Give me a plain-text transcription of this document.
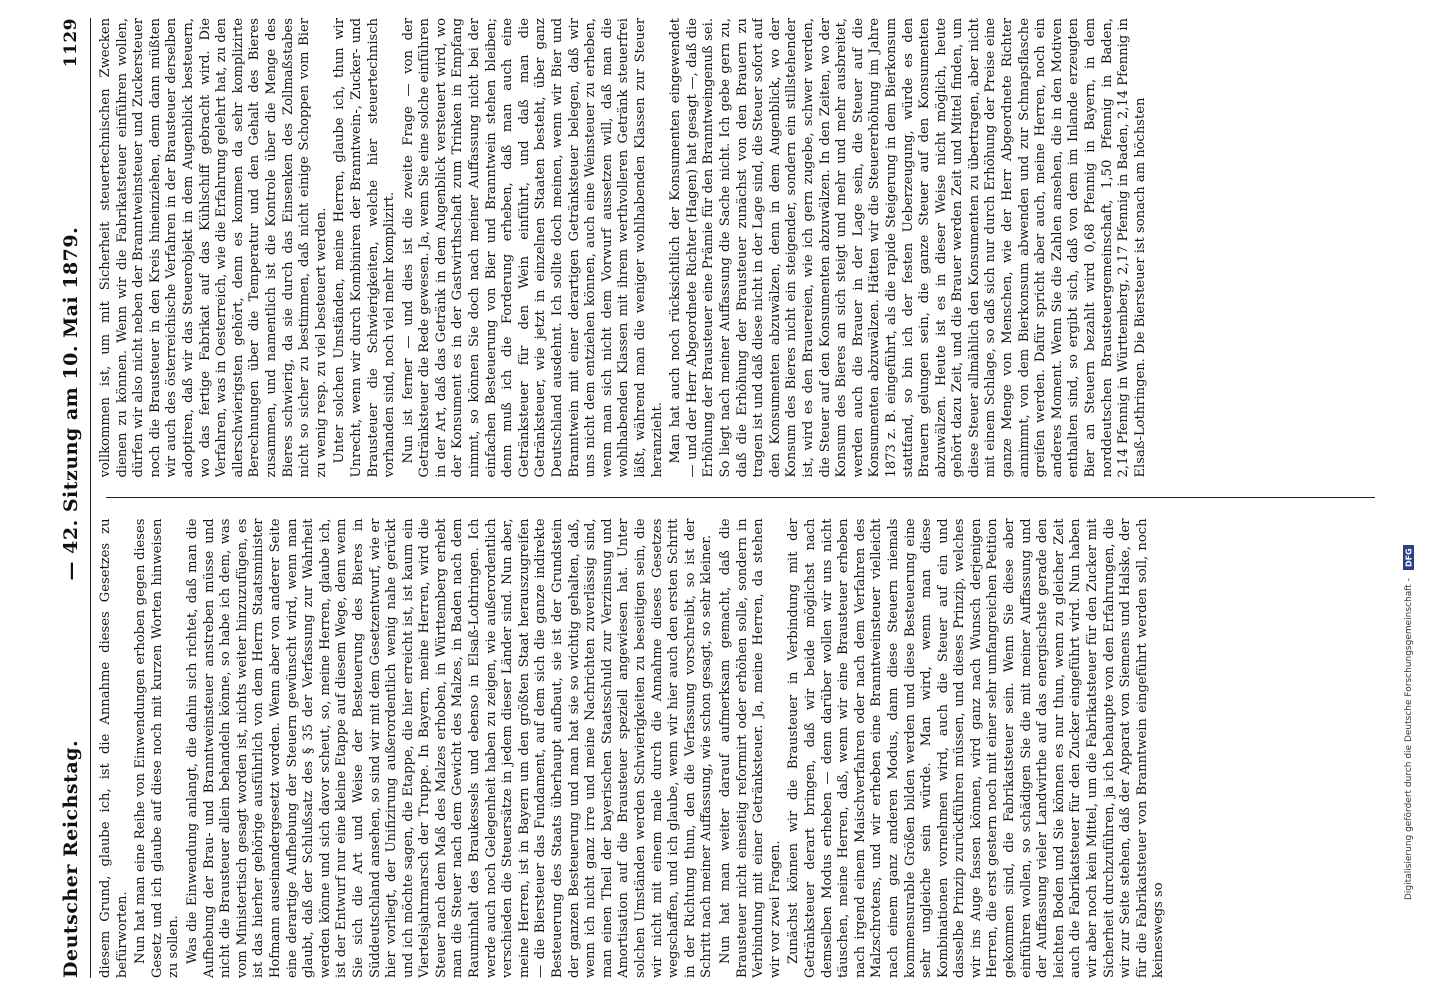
Deutscher Reichstag.
— 42. Sitzung am 10. Mai 1879.
1129

diesem Grund, glaube ich, ist die Annahme dieses Gesetzes zu befürworten. Nun hat man eine Reihe von Einwendungen erhoben gegen dieses Gesetz und ich glaube auf diese noch mit kurzen Worten hinweisen zu sollen. Was die Einwendung anlangt, die dahin sich richtet, daß man die Aufhebung der Brau- und Branntweinsteuer anstreben müsse und nicht die Brausteuer allein behandeln könne, so habe ich dem, was vom Ministertisch gesagt worden ist, nichts weiter hinzuzufügen, es ist das hierher gehörige ausführlich von dem Herrn Staatsminister Hofmann auseinandergesetzt worden. Wenn aber von anderer Seite eine derartige Aufhebung der Steuern gewünscht wird, wenn man glaubt, daß der Schlußsatz des § 35 der Verfassung zur Wahrheit werden könne und sich davor scheut, so, meine Herren, glaube ich, ist der Entwurf nur eine kleine Etappe auf diesem Wege, denn wenn Sie sich die Art und Weise der Besteuerung des Bieres in Süddeutschland ansehen, so sind wir mit dem Gesetzentwurf, wie er hier vorliegt, der Unifizirung außerordentlich wenig nahe gerückt und ich möchte sagen, die Etappe, die hier erreicht ist, ist kaum ein Viertelsjahrmarsch der Truppe. In Bayern, meine Herren, wird die Steuer nach dem Maß des Malzes erhoben, in Württemberg erhebt man die Steuer nach dem Gewicht des Malzes, in Baden nach dem Rauminhalt des Braukessels und ebenso in Elsaß-Lothringen. Ich werde auch noch Gelegenheit haben zu zeigen, wie außerordentlich verschieden die Steuersätze in jedem dieser Länder sind. Nun aber, meine Herren, ist in Bayern um den größten Staat herauszugreifen — die Biersteuer das Fundament, auf dem sich die ganze indirekte Besteuerung des Staats überhaupt aufbaut, sie ist der Grundstein der ganzen Besteuerung und man hat sie so wichtig gehalten, daß, wenn ich nicht ganz irre und meine Nachrichten zuverlässig sind, man einen Theil der bayerischen Staatsschuld zur Verzinsung und Amortisation auf die Brausteuer speziell angewiesen hat. Unter solchen Umständen werden Schwierigkeiten zu beseitigen sein, die wir nicht mit einem male durch die Annahme dieses Gesetzes wegschaffen, und ich glaube, wenn wir hier auch den ersten Schritt in der Richtung thun, den die Verfassung vorschreibt, so ist der Schritt nach meiner Auffassung, wie schon gesagt, so sehr kleiner. Nun hat man weiter darauf aufmerksam gemacht, daß die Brausteuer nicht einseitig reformirt oder erhöhen solle, sondern in Verbindung mit einer Getränksteuer. Ja, meine Herren, da stehen wir vor zwei Fragen. Zunächst können wir die Brausteuer in Verbindung mit der Getränksteuer derart bringen, daß wir beide möglichst nach demselben Modus erheben — denn darüber wollen wir uns nicht täuschen, meine Herren, daß, wenn wir eine Brausteuer erheben nach irgend einem Maischverfahren oder nach dem Verfahren des Malzschrotens, und wir erheben eine Branntweinsteuer vielleicht nach einem ganz anderen Modus, dann diese Steuern niemals kommensurable Größen bilden werden und diese Besteuerung eine sehr ungleiche sein würde. Man wird, wenn man diese Kombinationen vornehmen wird, auch die Steuer auf ein und dasselbe Prinzip zurückführen müssen, und dieses Prinzip, welches wir ins Auge fassen können, wird ganz nach Wunsch derjenigen Herren, die erst gestern noch mit einer sehr umfangreichen Petition gekommen sind, die Fabrikatsteuer sein. Wenn Sie diese aber einführen wollen, so schädigen Sie die mit meiner Auffassung und der Auffassung vieler Landwirthe auf das energischste gerade den leichten Boden und Sie können es nur thun, wenn zu gleicher Zeit auch die Fabrikatsteuer für den Zucker eingeführt wird. Nun haben wir aber noch kein Mittel, um die Fabrikatsteuer für den Zucker mit Sicherheit durchzuführen, ja ich behaupte von den Erfahrungen, die wir zur Seite stehen, daß der Apparat von Siemens und Halske, der für die Fabrikatsteuer von Branntwein eingeführt werden soll, noch keineswegs so

vollkommen ist, um mit Sicherheit steuertechnischen Zwecken dienen zu können. Wenn wir die Fabrikatsteuer einführen wollen, dürfen wir also nicht neben der Branntweinsteuer und Zuckersteuer noch die Brausteuer in den Kreis hineinziehen, denn dann müßten wir auch des österreichische Verfahren in der Brausteuer derselben adoptiren, daß wir das Steuerobjekt in dem Augenblick besteuern, wo das fertige Fabrikat auf das Kühlschiff gebracht wird. Die Verfahren, was in Oesterreich, wie die Erfahrung gelehrt hat, zu den allerschwierigsten gehört, denn es kommen da sehr komplizirte Berechnungen über die Temperatur und den Gehalt des Bieres zusammen, und namentlich ist die Kontrole über die Menge des Bieres schwierig, da sie durch das Einsenken des Zollmaßstabes nicht so sicher zu bestimmen, daß nicht einige Schoppen vom Bier zu wenig resp. zu viel besteuert werden. Unter solchen Umständen, meine Herren, glaube ich, thun wir Unrecht, wenn wir durch Kombiniren der Branntwein-, Zucker- und Brausteuer die Schwierigkeiten, welche hier steuertechnisch vorhanden sind, noch viel mehr komplizirt. Nun ist ferner — und dies ist die zweite Frage — von der Getränksteuer die Rede gewesen. Ja, wenn Sie eine solche einführen in der Art, daß das Getränk in dem Augenblick versteuert wird, wo der Konsument es in der Gastwirthschaft zum Trinken in Empfang nimmt, so können Sie doch nach meiner Auffassung nicht bei der einfachen Besteuerung von Bier und Branntwein stehen bleiben; denn muß ich die Forderung erheben, daß man auch eine Getränksteuer für den Wein einführt, und daß man die Getränksteuer, wie jetzt in einzelnen Staaten besteht, über ganz Deutschland ausdehnt. Ich sollte doch meinen, wenn wir Bier und Branntwein mit einer derartigen Getränksteuer belegen, daß wir uns nicht dem entziehen können, auch eine Weinsteuer zu erheben, wenn man sich nicht dem Vorwurf aussetzen will, daß man die wohlhabenden Klassen mit ihrem werthvolleren Getränk steuerfrei läßt, während man die weniger wohlhabenden Klassen zur Steuer heranzieht. Man hat auch noch rücksichtlich der Konsumenten eingewendet — und der Herr Abgeordnete Richter (Hagen) hat gesagt —, daß die Erhöhung der Brausteuer eine Prämie für den Branntweingenuß sei. So liegt nach meiner Auffassung die Sache nicht. Ich gebe gern zu, daß die Erhöhung der Brausteuer zunächst von den Brauern zu tragen ist und daß diese nicht in der Lage sind, die Steuer sofort auf den Konsumenten abzuwälzen, denn in dem Augenblick, wo der Konsum des Bieres nicht ein steigender, sondern ein stillstehender ist, wird es den Brauereien, wie ich gern zugebe, schwer werden, die Steuer auf den Konsumenten abzuwälzen. In den Zeiten, wo der Konsum des Bieres an sich steigt und mehr und mehr ausbreitet, werden auch die Brauer in der Lage sein, die Steuer auf die Konsumenten abzuwälzen. Hätten wir die Steuererhöhung im Jahre 1873 z. B. eingeführt, als die rapide Steigerung in dem Bierkonsum stattfand, so bin ich der festen Ueberzeugung, würde es den Brauern gelungen sein, die ganze Steuer auf den Konsumenten abzuwälzen. Heute ist es in dieser Weise nicht möglich, heute gehört dazu Zeit, und die Brauer werden Zeit und Mittel finden, um diese Steuer allmählich den Konsumenten zu übertragen, aber nicht mit einem Schlage, so daß sich nur durch Erhöhung der Preise eine ganze Menge von Menschen, wie der Herr Abgeordnete Richter annimmt, von dem Bierkonsum abwenden und zur Schnapsflasche greifen werden. Dafür spricht aber auch, meine Herren, noch ein anderes Moment. Wenn Sie die Zahlen ansehen, die in den Motiven enthalten sind, so ergibt sich, daß von dem im Inlande erzeugten Bier an Steuern bezahlt wird 0,68 Pfennig in Bayern, in dem norddeutschen Brausteuergemeinschaft, 1,50 Pfennig in Baden, 2,14 Pfennig in Württemberg, 2,17 Pfennig in Baden, 2,14 Pfennig in Elsaß-Lothringen. Die Biersteuer ist sonach am höchsten

Digitalisierung gefördert durch die Deutsche Forschungsgemeinschaft -
DFG
